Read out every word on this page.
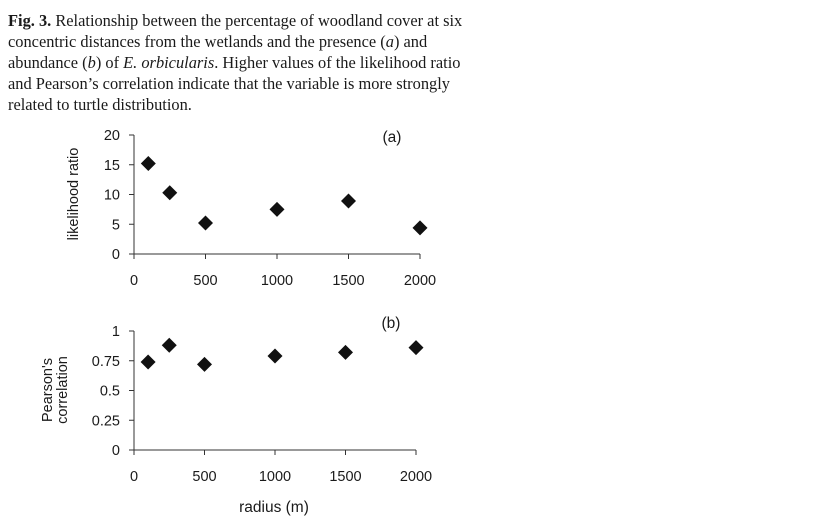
Fig. 3. Relationship between the percentage of woodland cover at six concentric distances from the wetlands and the presence (a) and abundance (b) of E. orbicularis. Higher values of the likelihood ratio and Pearson’s correlation indicate that the variable is more strongly related to turtle distribution.
0
5
10
15
20
0	500	1000	1500	2000
likelihood ratio
(a)
0
0.25
0.5
0.75
1
0	500	1000	1500	2000
Pearson'scorrelation
(b)
radius (m)
